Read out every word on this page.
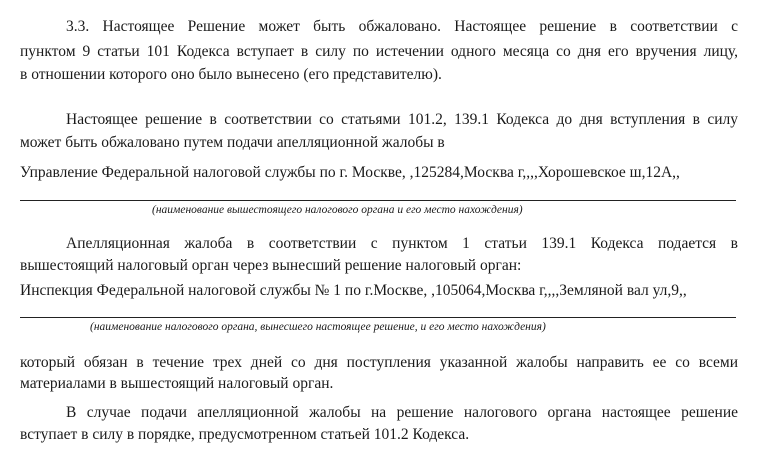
3.3. Настоящее Решение может быть обжаловано. Настоящее решение в соответствии с
пунктом 9 статьи 101 Кодекса вступает в силу по истечении одного месяца со дня его вручения лицу,
в отношении которого оно было вынесено (его представителю).
Настоящее решение в соответствии со статьями 101.2, 139.1 Кодекса до дня вступления в силу
может быть обжаловано путем подачи апелляционной жалобы в
Управление Федеральной налоговой службы по г. Москве, ,125284,Москва г,,,,Хорошевское ш,12А,,
(наименование вышестоящего налогового органа и его место нахождения)
Апелляционная жалоба в соответствии с пунктом 1 статьи 139.1 Кодекса подается в
вышестоящий налоговый орган через вынесший решение налоговый орган:
Инспекция Федеральной налоговой службы № 1 по г.Москве, ,105064,Москва г,,,,Земляной вал ул,9,,
(наименование налогового органа, вынесшего настоящее решение, и его место нахождения)
который обязан в течение трех дней со дня поступления указанной жалобы направить ее со всеми
материалами в вышестоящий налоговый орган.
В случае подачи апелляционной жалобы на решение налогового органа настоящее решение
вступает в силу в порядке, предусмотренном статьей 101.2 Кодекса.
